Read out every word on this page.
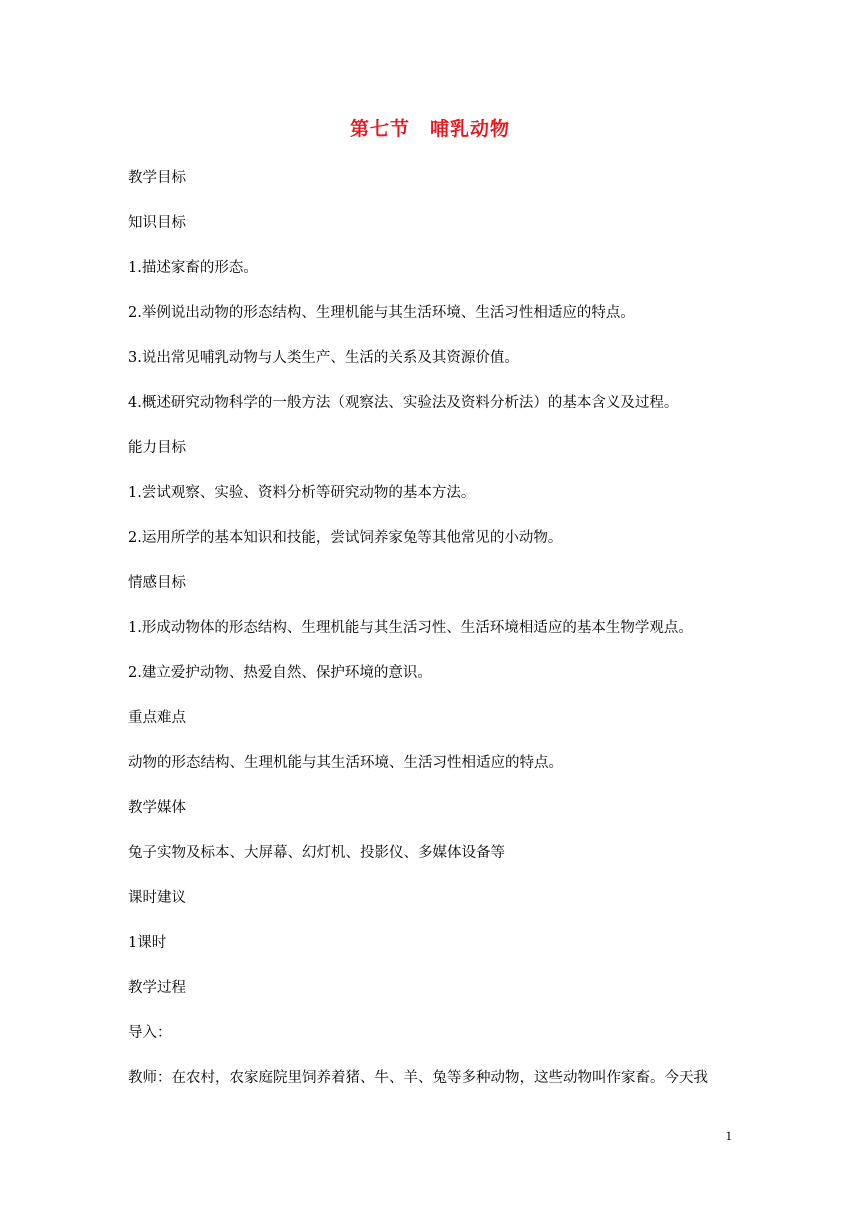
第七节　哺乳动物
教学目标
知识目标
1.描述家畜的形态。
2.举例说出动物的形态结构、生理机能与其生活环境、生活习性相适应的特点。
3.说出常见哺乳动物与人类生产、生活的关系及其资源价值。
4.概述研究动物科学的一般方法（观察法、实验法及资料分析法）的基本含义及过程。
能力目标
1.尝试观察、实验、资料分析等研究动物的基本方法。
2.运用所学的基本知识和技能，尝试饲养家兔等其他常见的小动物。
情感目标
1.形成动物体的形态结构、生理机能与其生活习性、生活环境相适应的基本生物学观点。
2.建立爱护动物、热爱自然、保护环境的意识。
重点难点
动物的形态结构、生理机能与其生活环境、生活习性相适应的特点。
教学媒体
兔子实物及标本、大屏幕、幻灯机、投影仪、多媒体设备等
课时建议
1课时
教学过程
导入：
教师：在农村，农家庭院里饲养着猪、牛、羊、兔等多种动物，这些动物叫作家畜。今天我
1
